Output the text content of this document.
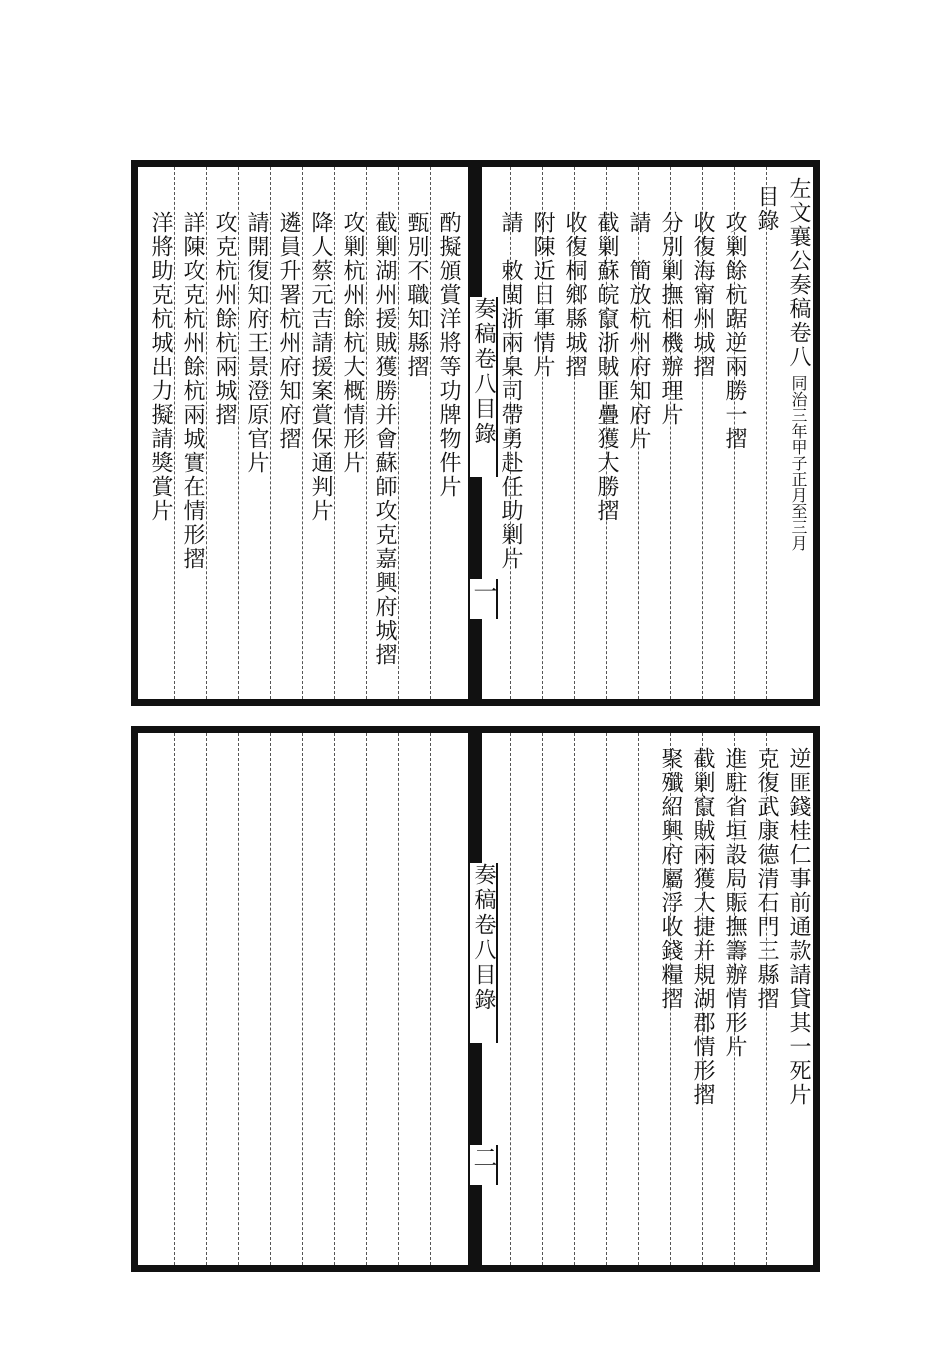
奏稿卷八目錄
一
左文襄公奏稿卷八同治三年甲子正月至三月
目錄
攻剿餘杭踞逆兩勝一摺
收復海甯州城摺
分別剿撫相機辦理片
請　簡放杭州府知府片
截剿蘇皖竄浙賊匪疊獲大勝摺
收復桐鄉縣城摺
附陳近日軍情片
請　敕閩浙兩臬司帶勇赴任助剿片
酌擬頒賞洋將等功牌物件片
甄別不職知縣摺
截剿湖州援賊獲勝并會蘇師攻克嘉興府城摺
攻剿杭州餘杭大概情形片
降人蔡元吉請援案賞保通判片
遴員升署杭州府知府摺
請開復知府王景澄原官片
攻克杭州餘杭兩城摺
詳陳攻克杭州餘杭兩城實在情形摺
洋將助克杭城出力擬請獎賞片
奏稿卷八目錄
二
逆匪錢桂仁事前通款請貸其一死片
克復武康德清石門三縣摺
進駐省垣設局賑撫籌辦情形片
截剿竄賊兩獲大捷并規湖郡情形摺
聚殲紹興府屬浮收錢糧摺
